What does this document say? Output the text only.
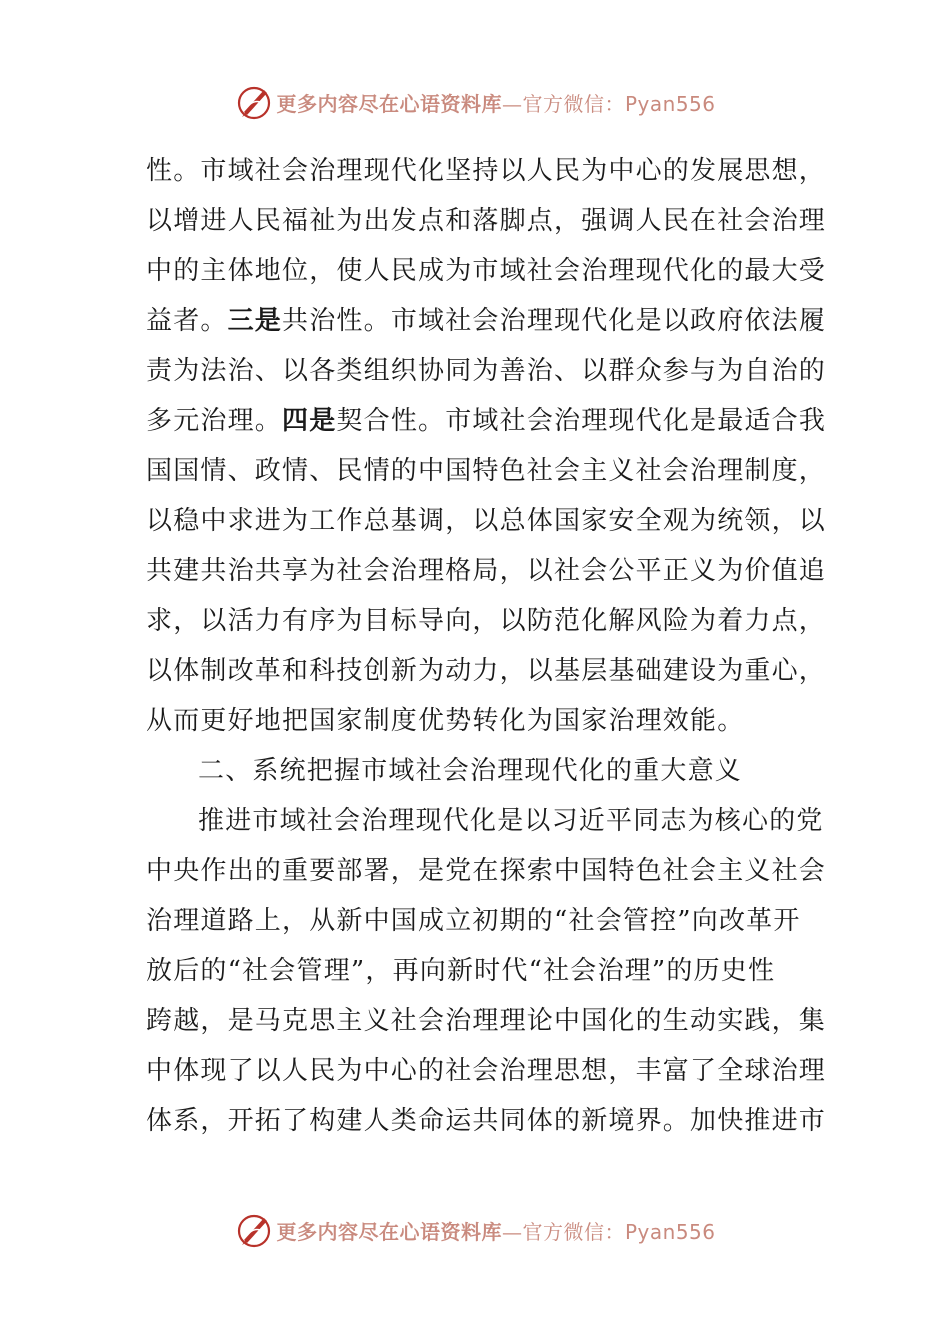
更多内容尽在心语资料库—官方微信：Pyan556
性。市域社会治理现代化坚持以人民为中心的发展思想，
以增进人民福祉为出发点和落脚点，强调人民在社会治理
中的主体地位，使人民成为市域社会治理现代化的最大受
益者。三是共治性。市域社会治理现代化是以政府依法履
责为法治、以各类组织协同为善治、以群众参与为自治的
多元治理。四是契合性。市域社会治理现代化是最适合我
国国情、政情、民情的中国特色社会主义社会治理制度，
以稳中求进为工作总基调，以总体国家安全观为统领，以
共建共治共享为社会治理格局，以社会公平正义为价值追
求，以活力有序为目标导向，以防范化解风险为着力点，
以体制改革和科技创新为动力，以基层基础建设为重心，
从而更好地把国家制度优势转化为国家治理效能。
二、系统把握市域社会治理现代化的重大意义
推进市域社会治理现代化是以习近平同志为核心的党
中央作出的重要部署，是党在探索中国特色社会主义社会
治理道路上，从新中国成立初期的“社会管控”向改革开
放后的“社会管理”，再向新时代“社会治理”的历史性
跨越，是马克思主义社会治理理论中国化的生动实践，集
中体现了以人民为中心的社会治理思想，丰富了全球治理
体系，开拓了构建人类命运共同体的新境界。加快推进市
更多内容尽在心语资料库—官方微信：Pyan556
